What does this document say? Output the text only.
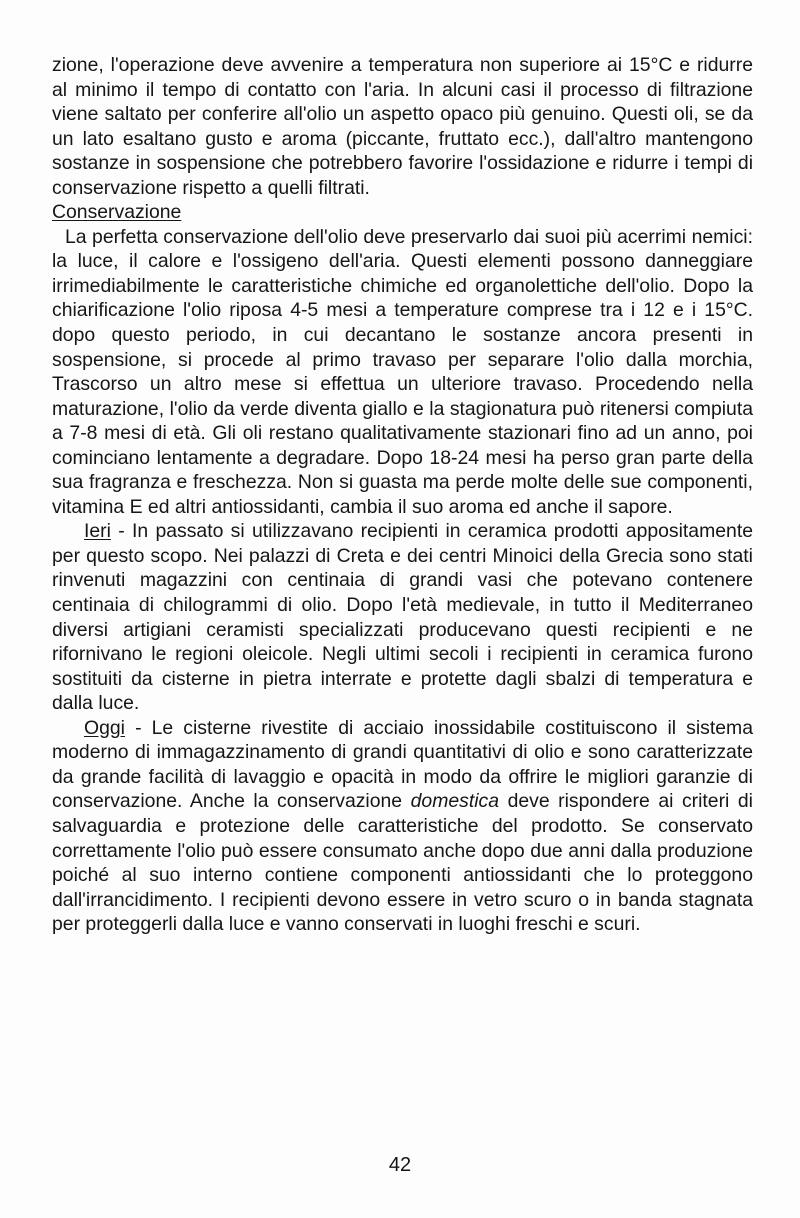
zione, l'operazione deve avvenire a temperatura non superiore ai 15°C e ridurre al minimo il tempo di contatto con l'aria. In alcuni casi il processo di filtrazione viene saltato per conferire all'olio un aspetto opaco più genuino. Questi oli, se da un lato esaltano gusto e aroma (piccante, fruttato ecc.), dall'altro mantengono sostanze in sospensione che potrebbero favorire l'ossidazione e ridurre i tempi di conservazione rispetto a quelli filtrati.

Conservazione

La perfetta conservazione dell'olio deve preservarlo dai suoi più acerrimi nemici: la luce, il calore e l'ossigeno dell'aria. Questi elementi possono danneggiare irrimediabilmente le caratteristiche chimiche ed organolettiche dell'olio. Dopo la chiarificazione l'olio riposa 4-5 mesi a temperature comprese tra i 12 e i 15°C. dopo questo periodo, in cui decantano le sostanze ancora presenti in sospensione, si procede al primo travaso per separare l'olio dalla morchia, Trascorso un altro mese si effettua un ulteriore travaso. Procedendo nella maturazione, l'olio da verde diventa giallo e la stagionatura può ritenersi compiuta a 7-8 mesi di età. Gli oli restano qualitativamente stazionari fino ad un anno, poi cominciano lentamente a degradare. Dopo 18-24 mesi ha perso gran parte della sua fragranza e freschezza. Non si guasta ma perde molte delle sue componenti, vitamina E ed altri antiossidanti, cambia il suo aroma ed anche il sapore.

Ieri - In passato si utilizzavano recipienti in ceramica prodotti appositamente per questo scopo. Nei palazzi di Creta e dei centri Minoici della Grecia sono stati rinvenuti magazzini con centinaia di grandi vasi che potevano contenere centinaia di chilogrammi di olio. Dopo l'età medievale, in tutto il Mediterraneo diversi artigiani ceramisti specializzati producevano questi recipienti e ne rifornivano le regioni oleicole. Negli ultimi secoli i recipienti in ceramica furono sostituiti da cisterne in pietra interrate e protette dagli sbalzi di temperatura e dalla luce.

Oggi - Le cisterne rivestite di acciaio inossidabile costituiscono il sistema moderno di immagazzinamento di grandi quantitativi di olio e sono caratterizzate da grande facilità di lavaggio e opacità in modo da offrire le migliori garanzie di conservazione. Anche la conservazione domestica deve rispondere ai criteri di salvaguardia e protezione delle caratteristiche del prodotto. Se conservato correttamente l'olio può essere consumato anche dopo due anni dalla produzione poiché al suo interno contiene componenti antiossidanti che lo proteggono dall'irrancidimento. I recipienti devono essere in vetro scuro o in banda stagnata per proteggerli dalla luce e vanno conservati in luoghi freschi e scuri.

42
